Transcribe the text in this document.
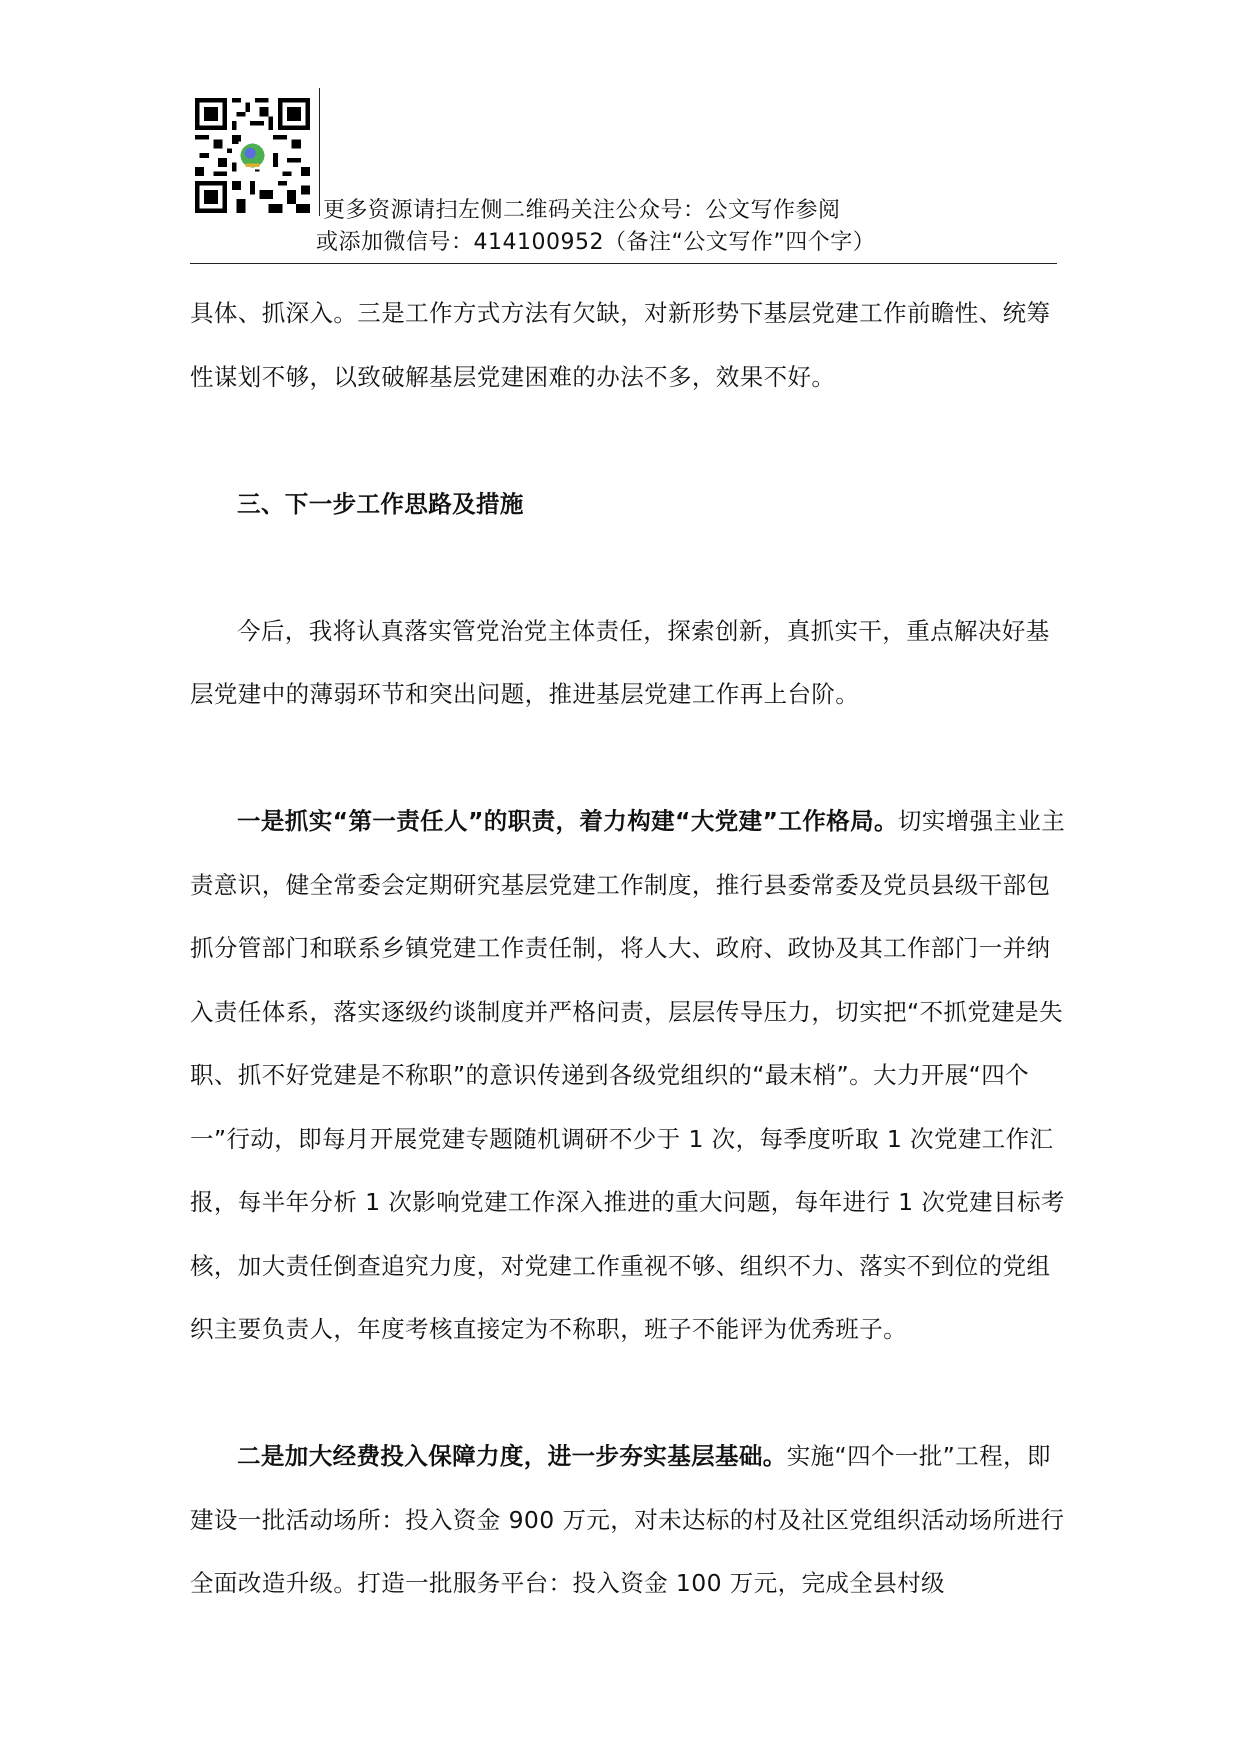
更多资源请扫左侧二维码关注公众号：公文写作参阅
或添加微信号：414100952（备注“公文写作”四个字）

具体、抓深入。三是工作方式方法有欠缺，对新形势下基层党建工作前瞻性、统筹性谋划不够，以致破解基层党建困难的办法不多，效果不好。

三、下一步工作思路及措施

今后，我将认真落实管党治党主体责任，探索创新，真抓实干，重点解决好基层党建中的薄弱环节和突出问题，推进基层党建工作再上台阶。

一是抓实“第一责任人”的职责，着力构建“大党建”工作格局。切实增强主业主责意识，健全常委会定期研究基层党建工作制度，推行县委常委及党员县级干部包抓分管部门和联系乡镇党建工作责任制，将人大、政府、政协及其工作部门一并纳入责任体系，落实逐级约谈制度并严格问责，层层传导压力，切实把“不抓党建是失职、抓不好党建是不称职”的意识传递到各级党组织的“最末梢”。大力开展“四个一”行动，即每月开展党建专题随机调研不少于 1 次，每季度听取 1 次党建工作汇报，每半年分析 1 次影响党建工作深入推进的重大问题，每年进行 1 次党建目标考核，加大责任倒查追究力度，对党建工作重视不够、组织不力、落实不到位的党组织主要负责人，年度考核直接定为不称职，班子不能评为优秀班子。

二是加大经费投入保障力度，进一步夯实基层基础。实施“四个一批”工程，即建设一批活动场所：投入资金 900 万元，对未达标的村及社区党组织活动场所进行全面改造升级。打造一批服务平台：投入资金 100 万元，完成全县村级
